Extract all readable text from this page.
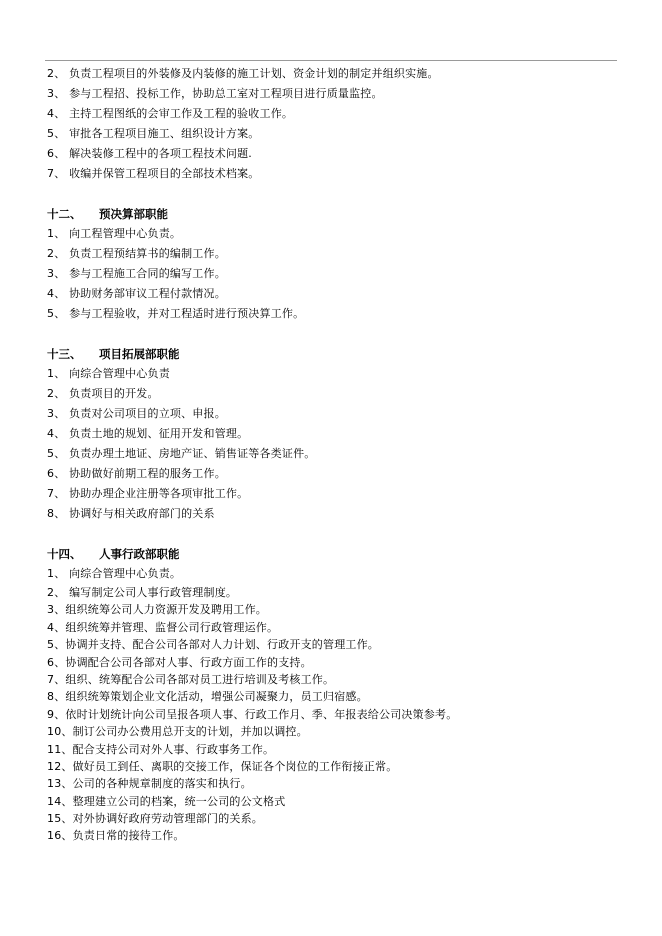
2、 负责工程项目的外装修及内装修的施工计划、资金计划的制定并组织实施。
3、 参与工程招、投标工作，协助总工室对工程项目进行质量监控。
4、 主持工程图纸的会审工作及工程的验收工作。
5、 审批各工程项目施工、组织设计方案。
6、 解决装修工程中的各项工程技术问题.
7、 收编并保管工程项目的全部技术档案。
十二、 预决算部职能
1、 向工程管理中心负责。
2、 负责工程预结算书的编制工作。
3、 参与工程施工合同的编写工作。
4、 协助财务部审议工程付款情况。
5、 参与工程验收，并对工程适时进行预决算工作。
十三、 项目拓展部职能
1、 向综合管理中心负责
2、 负责项目的开发。
3、 负责对公司项目的立项、申报。
4、 负责土地的规划、征用开发和管理。
5、 负责办理土地证、房地产证、销售证等各类证件。
6、 协助做好前期工程的服务工作。
7、 协助办理企业注册等各项审批工作。
8、 协调好与相关政府部门的关系
十四、 人事行政部职能
1、 向综合管理中心负责。
2、 编写制定公司人事行政管理制度。
3、组织统筹公司人力资源开发及聘用工作。
4、组织统筹并管理、监督公司行政管理运作。
5、协调并支持、配合公司各部对人力计划、行政开支的管理工作。
6、协调配合公司各部对人事、行政方面工作的支持。
7、组织、统筹配合公司各部对员工进行培训及考核工作。
8、组织统筹策划企业文化活动，增强公司凝聚力，员工归宿感。
9、依时计划统计向公司呈报各项人事、行政工作月、季、年报表给公司决策参考。
10、制订公司办公费用总开支的计划，并加以调控。
11、配合支持公司对外人事、行政事务工作。
12、做好员工到任、离职的交接工作，保证各个岗位的工作衔接正常。
13、公司的各种规章制度的落实和执行。
14、整理建立公司的档案，统一公司的公文格式
15、对外协调好政府劳动管理部门的关系。
16、负责日常的接待工作。
